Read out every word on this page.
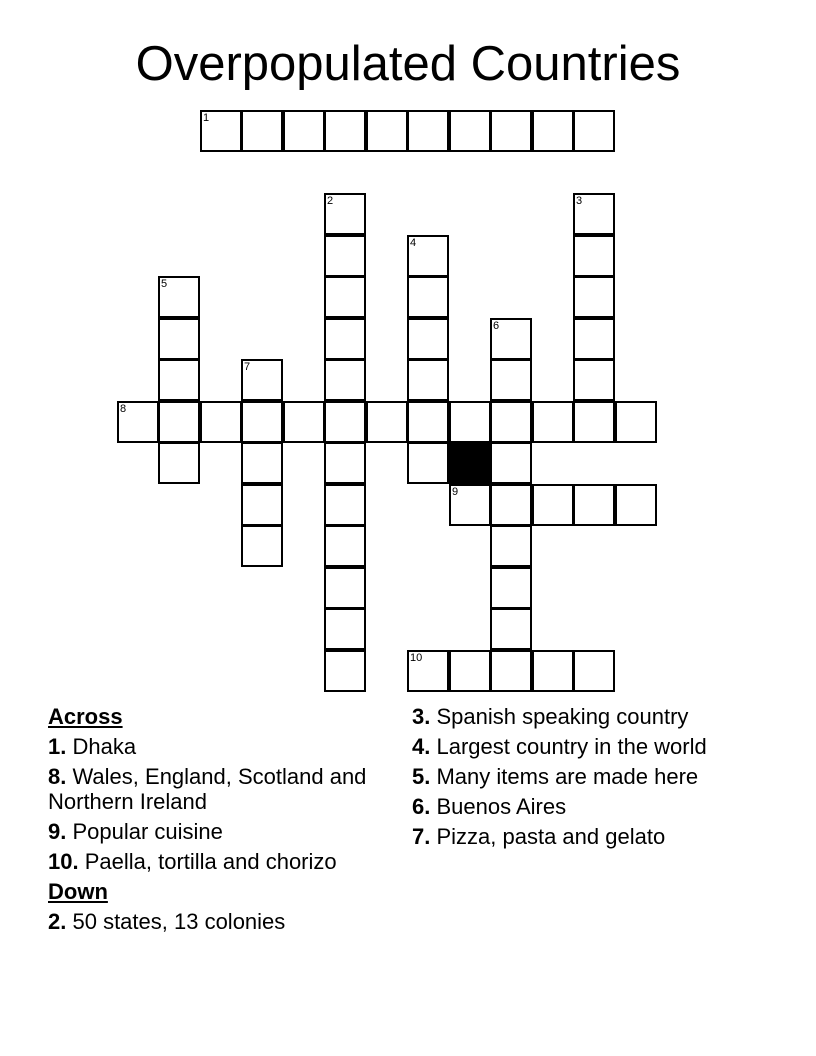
Overpopulated Countries
1
2	3
4
5
6
7
8
9
10
Across
1. Dhaka
8. Wales, England, Scotland and Northern Ireland
9. Popular cuisine
10. Paella, tortilla and chorizo
Down
2. 50 states, 13 colonies
3. Spanish speaking country
4. Largest country in the world
5. Many items are made here
6. Buenos Aires
7. Pizza, pasta and gelato
